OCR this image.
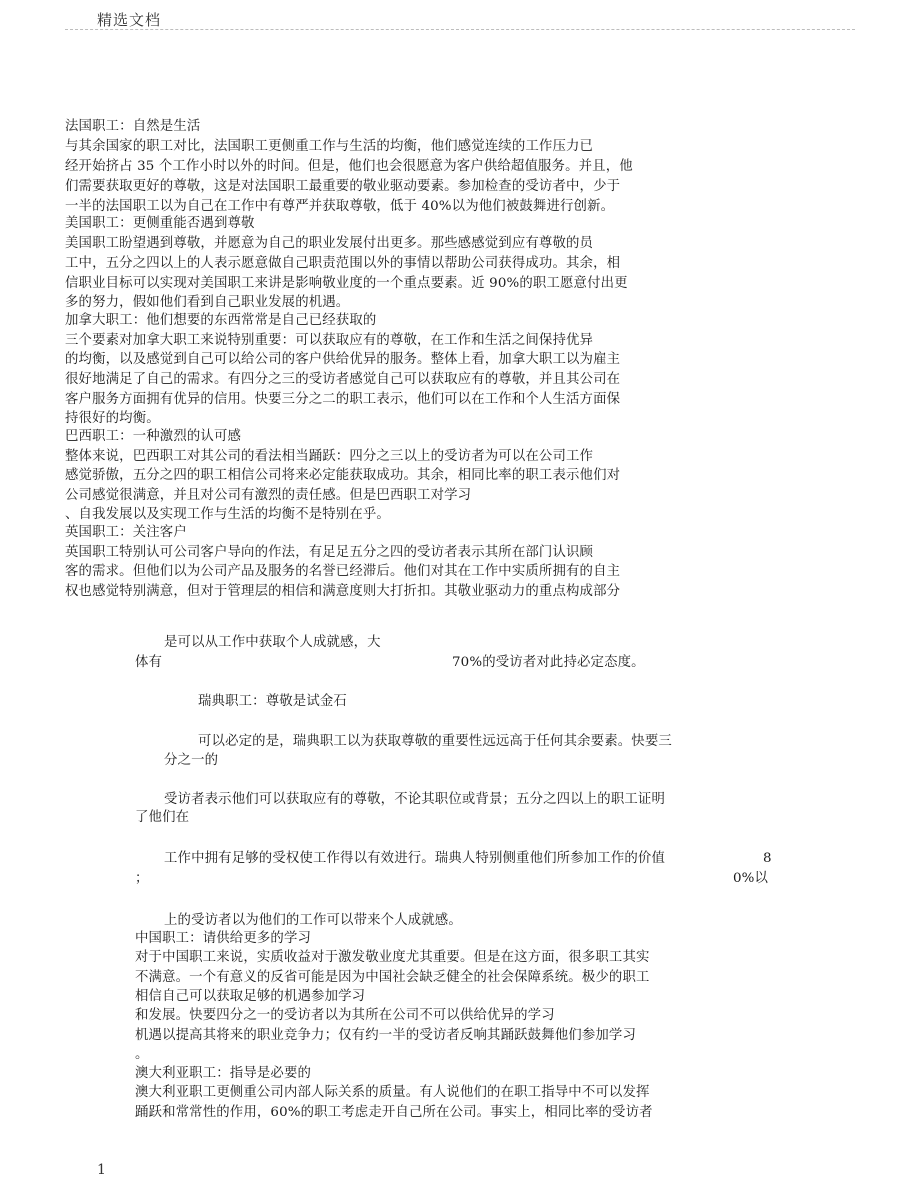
精选文档
法国职工：自然是生活
与其余国家的职工对比，法国职工更侧重工作与生活的均衡，他们感觉连续的工作压力已
经开始挤占 35 个工作小时以外的时间。但是，他们也会很愿意为客户供给超值服务。并且，他
们需要获取更好的尊敬，这是对法国职工最重要的敬业驱动要素。参加检查的受访者中，少于
一半的法国职工以为自己在工作中有尊严并获取尊敬，低于 40%以为他们被鼓舞进行创新。
美国职工：更侧重能否遇到尊敬
美国职工盼望遇到尊敬，并愿意为自己的职业发展付出更多。那些感感觉到应有尊敬的员
工中，五分之四以上的人表示愿意做自己职责范围以外的事情以帮助公司获得成功。其余，相
信职业目标可以实现对美国职工来讲是影响敬业度的一个重点要素。近 90%的职工愿意付出更
多的努力，假如他们看到自己职业发展的机遇。
加拿大职工：他们想要的东西常常是自己已经获取的
三个要素对加拿大职工来说特别重要：可以获取应有的尊敬，在工作和生活之间保持优异
的均衡，以及感觉到自己可以给公司的客户供给优异的服务。整体上看，加拿大职工以为雇主
很好地满足了自己的需求。有四分之三的受访者感觉自己可以获取应有的尊敬，并且其公司在
客户服务方面拥有优异的信用。快要三分之二的职工表示，他们可以在工作和个人生活方面保
持很好的均衡。
巴西职工：一种激烈的认可感
整体来说，巴西职工对其公司的看法相当踊跃：四分之三以上的受访者为可以在公司工作
感觉骄傲，五分之四的职工相信公司将来必定能获取成功。其余，相同比率的职工表示他们对
公司感觉很满意，并且对公司有激烈的责任感。但是巴西职工对学习
、自我发展以及实现工作与生活的均衡不是特别在乎。
英国职工：关注客户
英国职工特别认可公司客户导向的作法，有足足五分之四的受访者表示其所在部门认识顾
客的需求。但他们以为公司产品及服务的名誉已经滞后。他们对其在工作中实质所拥有的自主
权也感觉特别满意，但对于管理层的相信和满意度则大打折扣。其敬业驱动力的重点构成部分
是可以从工作中获取个人成就感，大
体有	70%的受访者对此持必定态度。
瑞典职工：尊敬是试金石
可以必定的是，瑞典职工以为获取尊敬的重要性远远高于任何其余要素。快要三
分之一的
受访者表示他们可以获取应有的尊敬，不论其职位或背景；五分之四以上的职工证明
了他们在
工作中拥有足够的受权使工作得以有效进行。瑞典人特别侧重他们所参加工作的价值	8
；	0%以
上的受访者以为他们的工作可以带来个人成就感。
中国职工：请供给更多的学习
对于中国职工来说，实质收益对于激发敬业度尤其重要。但是在这方面，很多职工其实
不满意。一个有意义的反省可能是因为中国社会缺乏健全的社会保障系统。极少的职工
相信自己可以获取足够的机遇参加学习
和发展。快要四分之一的受访者以为其所在公司不可以供给优异的学习
机遇以提高其将来的职业竞争力；仅有约一半的受访者反响其踊跃鼓舞他们参加学习
。
澳大利亚职工：指导是必要的
澳大利亚职工更侧重公司内部人际关系的质量。有人说他们的在职工指导中不可以发挥
踊跃和常常性的作用，60%的职工考虑走开自己所在公司。事实上，相同比率的受访者
1
